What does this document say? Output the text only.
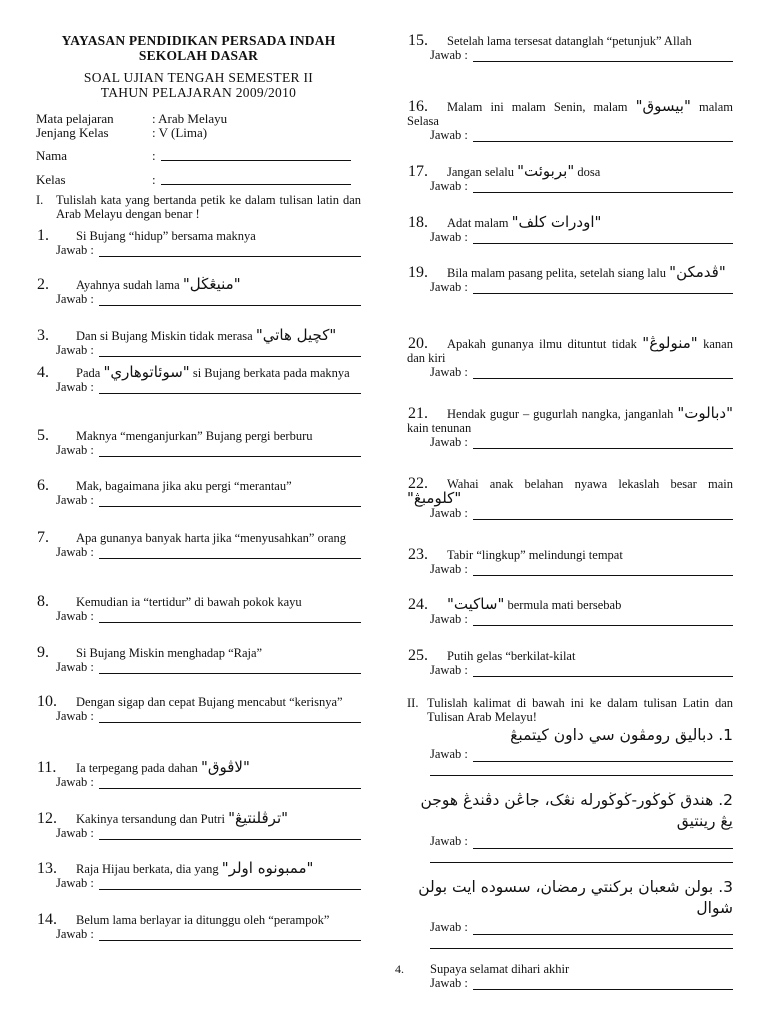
YAYASAN PENDIDIKAN PERSADA INDAH
SEKOLAH DASAR
SOAL UJIAN TENGAH SEMESTER II
TAHUN PELAJARAN 2009/2010
Mata pelajaran	: Arab Melayu
Jenjang Kelas	: V (Lima)
Nama	:
Kelas	:
I.	Tulislah kata yang bertanda petik ke dalam tulisan latin dan Arab Melayu dengan benar !
1. Si Bujang “hidup” bersama maknya
Jawab :
2. Ayahnya sudah lama "منيڠڬل"
Jawab :
3. Dan si Bujang Miskin tidak merasa "کچيل هاتي"
Jawab :
4. Pada "سوئاتوهاري" si Bujang berkata pada maknya
Jawab :
5. Maknya “menganjurkan” Bujang pergi berburu
Jawab :
6. Mak, bagaimana jika aku pergi “merantau”
Jawab :
7. Apa gunanya banyak harta jika “menyusahkan” orang
Jawab :
8. Kemudian ia “tertidur” di bawah pokok kayu
Jawab :
9. Si Bujang Miskin menghadap “Raja”
Jawab :
10. Dengan sigap dan cepat Bujang mencabut “kerisnya”
Jawab :
11. Ia terpegang pada dahan "لاڤوق"
Jawab :
12. Kakinya tersandung dan Putri "ترڤلنتيڠ"
Jawab :
13. Raja Hijau berkata, dia yang "ممبونوه اولر"
Jawab :
14. Belum lama berlayar ia ditunggu oleh “perampok”
Jawab :
15. Setelah lama tersesat datanglah “petunjuk” Allah
Jawab :
16. Malam ini malam Senin, malam "بيسوق" malam Selasa
Jawab :
17. Jangan selalu "بربوئت" dosa
Jawab :
18. Adat malam "اودرات کلف"
Jawab :
19. Bila malam pasang pelita, setelah siang lalu "ڤدمکن"
Jawab :
20. Apakah gunanya ilmu dituntut tidak "منولوڠ" kanan dan kiri
Jawab :
21. Hendak gugur – gugurlah nangka, janganlah "دبالوت" kain tenunan
Jawab :
22. Wahai anak belahan nyawa lekaslah besar main "کلومبڠ"
Jawab :
23. Tabir “lingkup” melindungi tempat
Jawab :
24. "ساکيت" bermula mati bersebab
Jawab :
25. Putih gelas “berkilat-kilat
Jawab :
II. Tulislah kalimat di bawah ini ke dalam tulisan Latin dan Tulisan Arab Melayu!
1. دباليق رومڤون سي داون کيتمبڠ
Jawab :
2. هندق ڬوڬور-ڬوڬورله نڠک، جاڠن دڤندڠ هوجن يڠ رينتيق
Jawab :
3. بولن شعبان برکنتي رمضان، سسوده ايت بولن شوال
Jawab :
4.	Supaya selamat dihari akhir
Jawab :
